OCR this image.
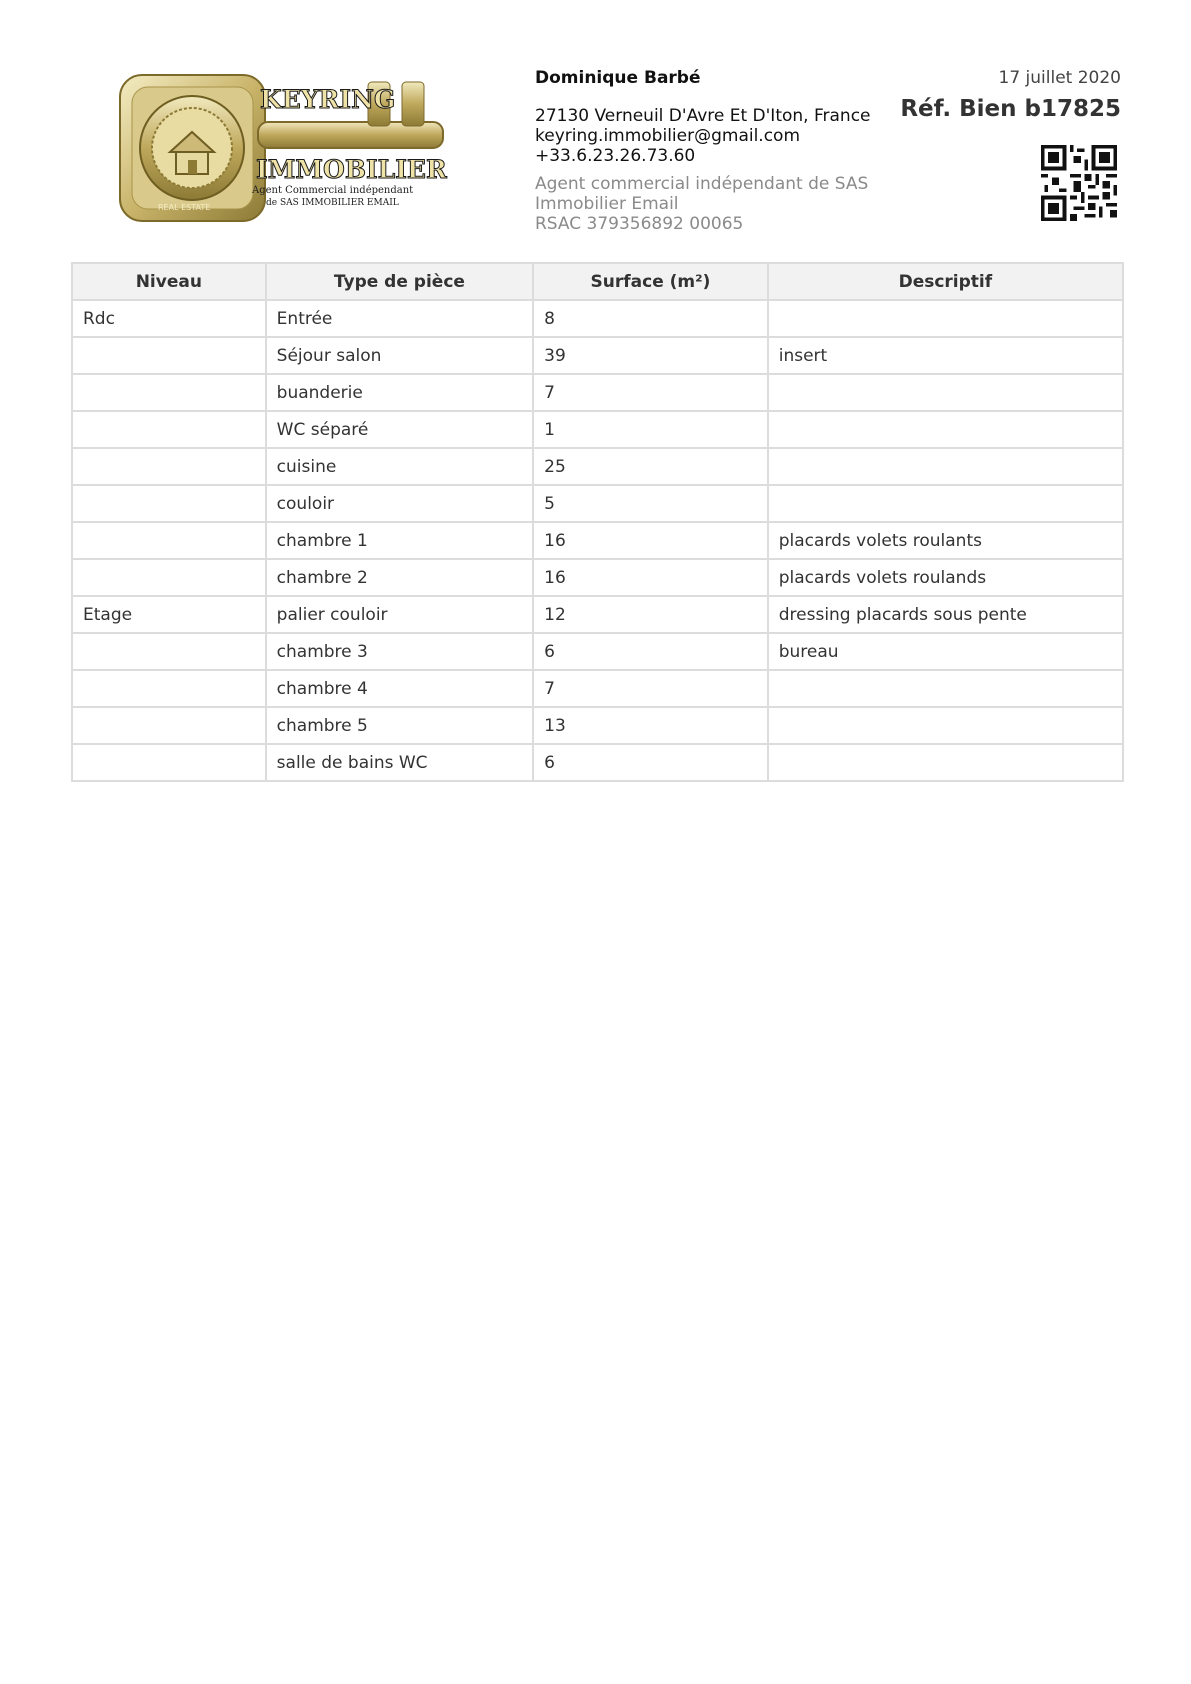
KEYRING
IMMOBILIER
Agent Commercial indépendant
de SAS IMMOBILIER EMAIL
REAL ESTATE
Dominique Barbé
27130 Verneuil D'Avre Et D'Iton, France
keyring.immobilier@gmail.com
+33.6.23.26.73.60
Agent commercial indépendant de SAS
Immobilier Email
RSAC 379356892 00065
17 juillet 2020
Réf. Bien b17825
Niveau	Type de pièce	Surface (m²)	Descriptif
Rdc	Entrée	8	
	Séjour salon	39	insert
	buanderie	7	
	WC séparé	1	
	cuisine	25	
	couloir	5	
	chambre 1	16	placards volets roulants
	chambre 2	16	placards volets roulands
Etage	palier couloir	12	dressing placards sous pente
	chambre 3	6	bureau
	chambre 4	7	
	chambre 5	13	
	salle de bains WC	6	
